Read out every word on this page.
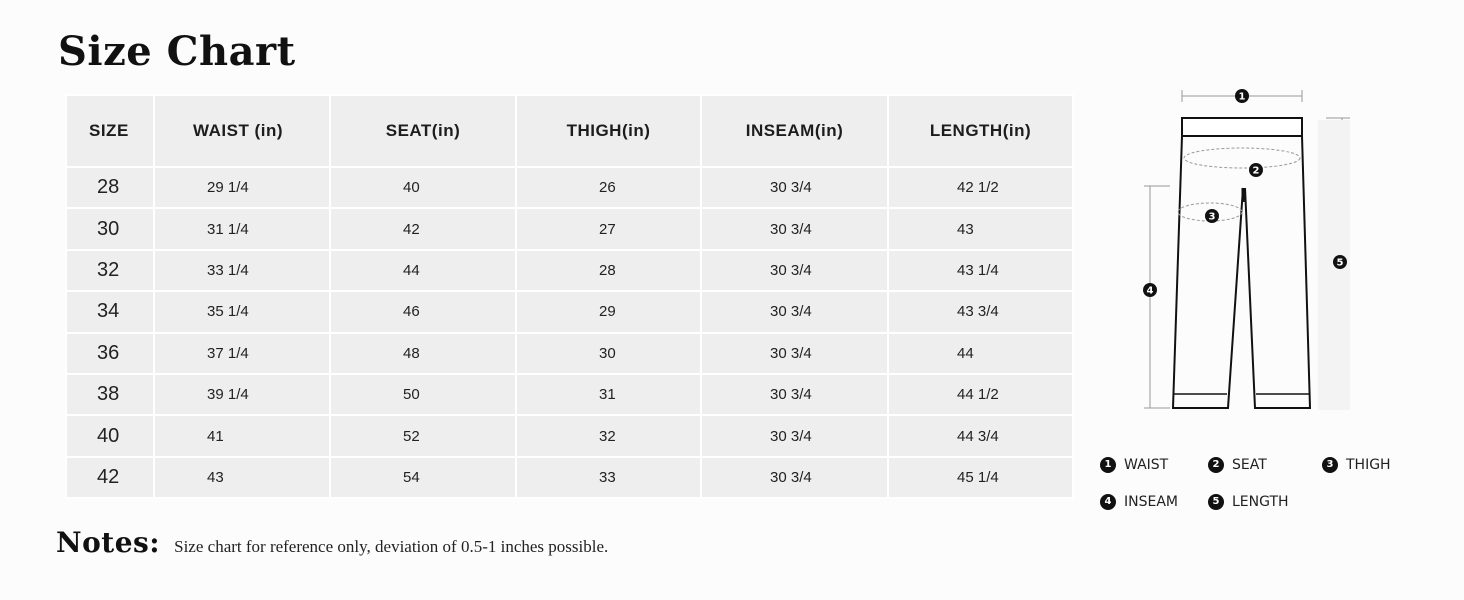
Size Chart
SIZE	WAIST (in)	SEAT(in)	THIGH(in)	INSEAM(in)	LENGTH(in)
28	29 1/4	40	26	30 3/4	42 1/2
30	31 1/4	42	27	30 3/4	43
32	33 1/4	44	28	30 3/4	43 1/4
34	35 1/4	46	29	30 3/4	43 3/4
36	37 1/4	48	30	30 3/4	44
38	39 1/4	50	31	30 3/4	44 1/2
40	41	52	32	30 3/4	44 3/4
42	43	54	33	30 3/4	45 1/4
Notes: Size chart for reference only, deviation of 0.5-1 inches possible.
1
2
3
4
5
1 WAIST	2 SEAT	3 THIGH
4 INSEAM	5 LENGTH
